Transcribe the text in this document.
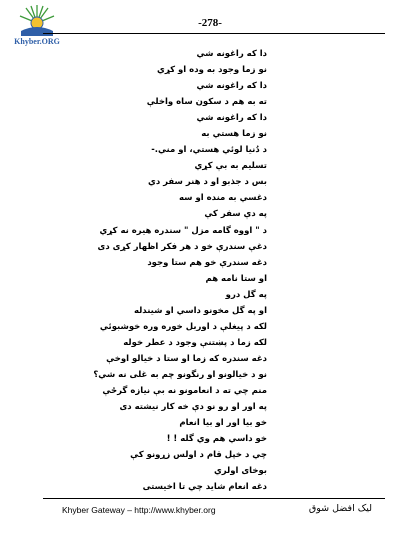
Khyber.ORG
-278-
دا که راغونه شي
نو زما وجود به وده او کړي
دا که راغونه شي
ته به هم د سکون ساه واخلې
دا که راغونه شي
نو زما هستي به
د دُنيا لوئي هستي، او مني.-
تسليم به بې کړي
بس د جذبو او د هنر سفر دي
دغسي به منده او سه
په دې سفر کې
د " اووه گامه مزل " سندره هيره نه کړي
دغې سندرې خو د هر فکر اظهار کړی دی
دغه سندرې خو هم ستا وجود
او ستا نامه هم
په گل درو
او په گل مخونو داسي او شيندله
لکه د پيغلې د اوربل خوره وره خوشبوئي
لکه زما د پښتنې وجود د عطر خوله
دغه سندره که زما او ستا د خيالو اوخې
نو د خيالونو او رنگونو چم به غلی نه شي؟
منم چي ته د انعامونو نه بې نيازه گرځې
په اور او رو نو دې خه کار نيشته دی
خو بيا اور او بيا انعام
خو داسي هم وي گله ! !
چي د خپل قام د اولس زړونو کې
بوخای اولري
دغه انعام شايد چي تا اخيستی
Khyber Gateway – http://www.khyber.org	ليک افضل شوق
